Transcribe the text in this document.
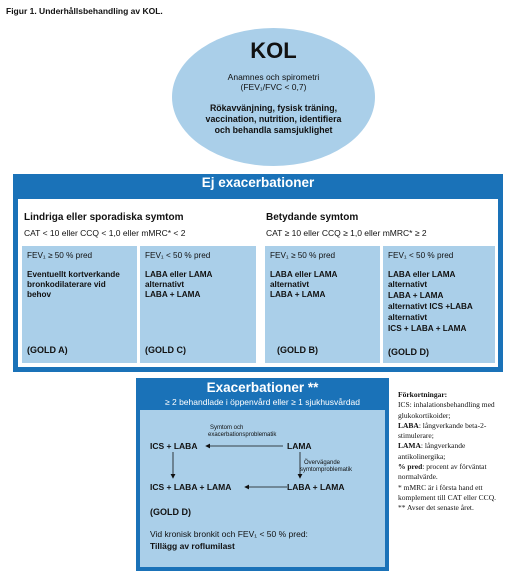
Figur 1. Underhållsbehandling av KOL.
KOL
Anamnes och spirometri
(FEV₁/FVC < 0,7)
Rökavvänjning, fysisk träning,
vaccination, nutrition, identifiera
och behandla samsjuklighet
Ej exacerbationer
Lindriga eller sporadiska symtom
CAT < 10 eller CCQ < 1,0 eller mMRC* < 2
FEV₁ ≥ 50 % pred
Eventuellt kortverkande
bronkodilaterare vid
behov
(GOLD A)
FEV₁ < 50 % pred
LABA eller LAMA
alternativt
LABA + LAMA
(GOLD C)
Betydande symtom
CAT ≥ 10 eller CCQ ≥ 1,0 eller mMRC* ≥ 2
FEV₁ ≥ 50 % pred
LABA eller LAMA
alternativt
LABA + LAMA
(GOLD B)
FEV₁ < 50 % pred
LABA eller LAMA
alternativt
LABA + LAMA
alternativt ICS +LABA
alternativt
ICS + LABA + LAMA
(GOLD D)
Exacerbationer **
≥ 2 behandlade i öppenvård eller ≥ 1 sjukhusvårdad
Symtom och
exacerbationsproblematik
ICS + LABA	LAMA
Övervägande
symtomproblematik
ICS + LABA + LAMA	LABA + LAMA
(GOLD D)
Vid kronisk bronkit och FEV₁ < 50 % pred:
Tillägg av roflumilast

Förkortningar:

ICS: inhalationsbehandling med glukokortikoider;

LABA: långverkande beta-2-stimulerare;

LAMA: långverkande antikolinergika;

% pred: procent av förväntat normalvärde.

* mMRC är i första hand ett komplement till CAT eller CCQ.

** Avser det senaste året.
